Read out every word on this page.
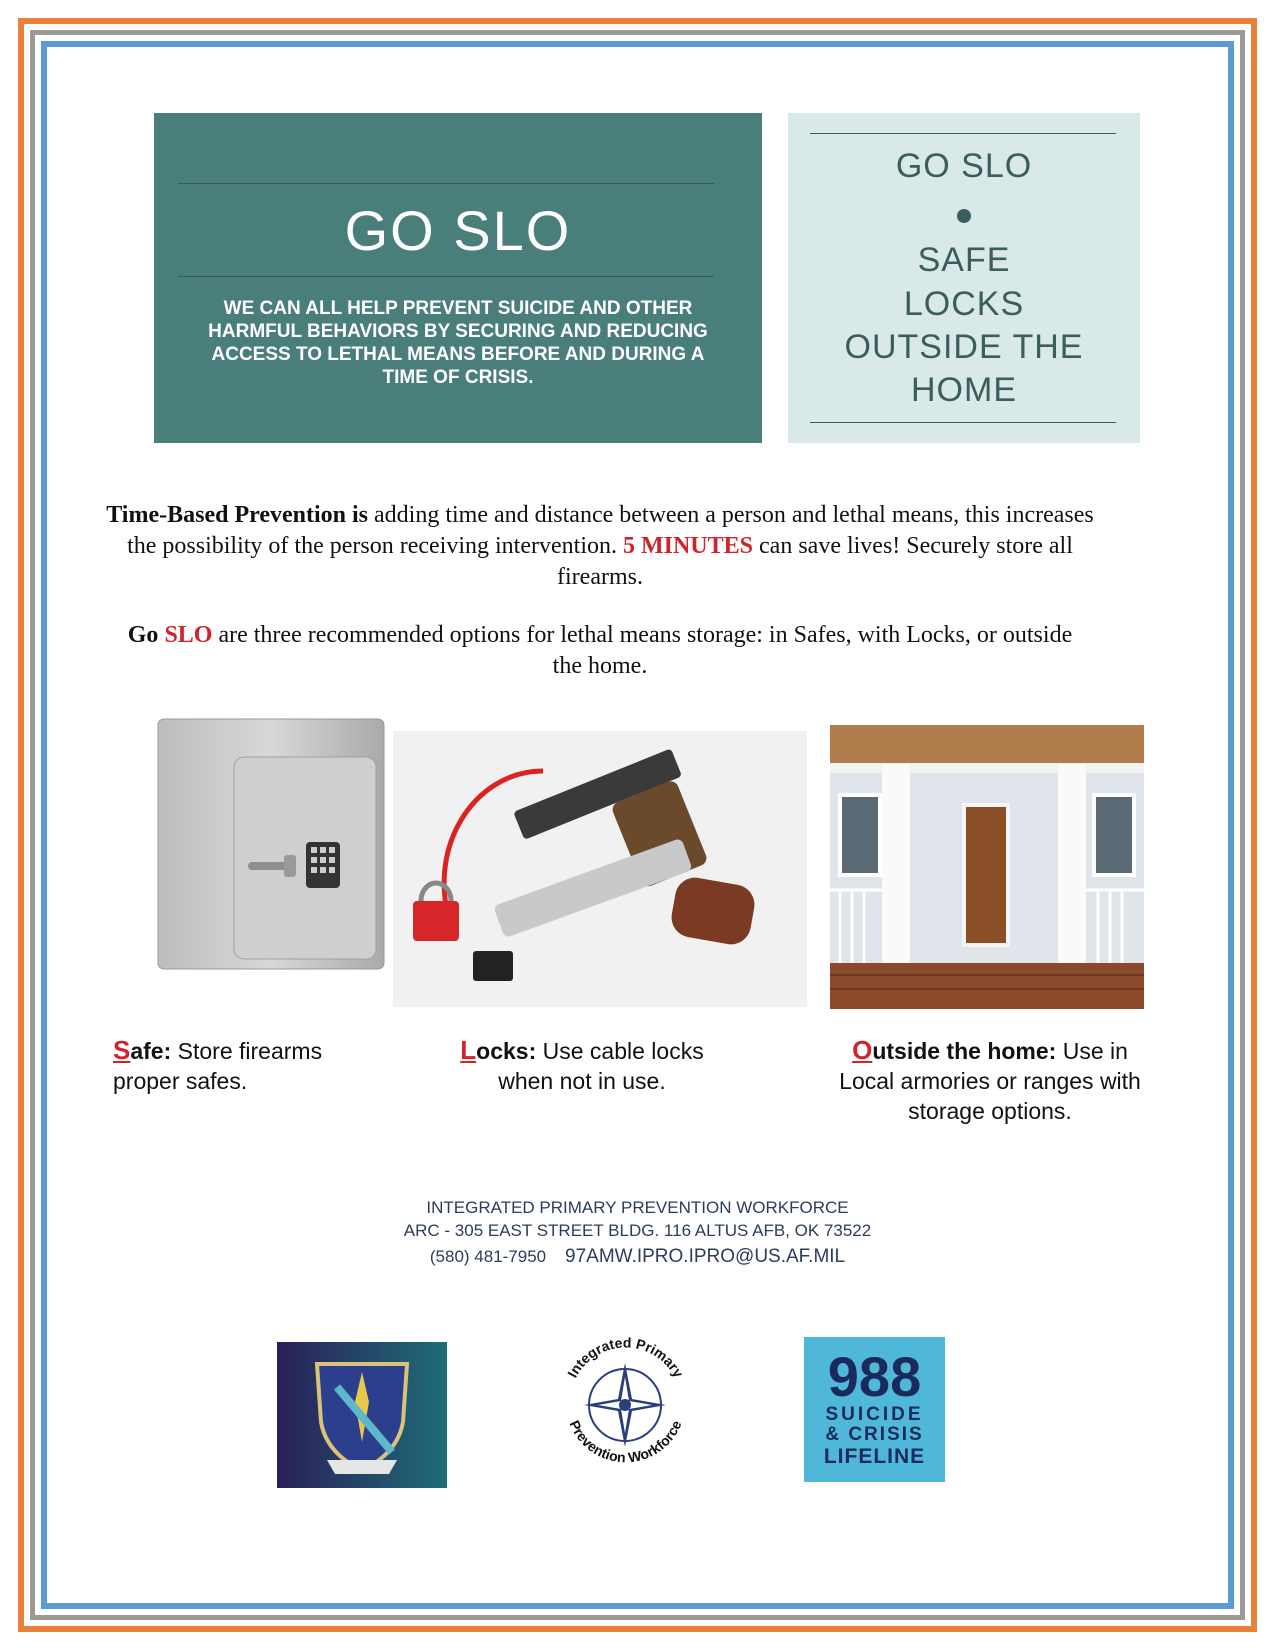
GO SLO
WE CAN ALL HELP PREVENT SUICIDE AND OTHER HARMFUL BEHAVIORS BY SECURING AND REDUCING ACCESS TO LETHAL MEANS BEFORE AND DURING A TIME OF CRISIS.
GO SLO
SAFE
LOCKS
OUTSIDE THE
HOME
Time-Based Prevention is adding time and distance between a person and lethal means, this increases the possibility of the person receiving intervention. 5 MINUTES can save lives! Securely store all firearms.
Go SLO are three recommended options for lethal means storage: in Safes, with Locks, or outside the home.
Safe: Store firearms proper safes.
Locks: Use cable locks when not in use.
Outside the home: Use in Local armories or ranges with storage options.
INTEGRATED PRIMARY PREVENTION WORKFORCE
ARC - 305 EAST STREET BLDG. 116 ALTUS AFB, OK 73522
(580) 481-7950 97AMW.IPRO.IPRO@US.AF.MIL
Integrated Primary
Prevention Workforce
988
SUICIDE
& CRISIS
LIFELINE
